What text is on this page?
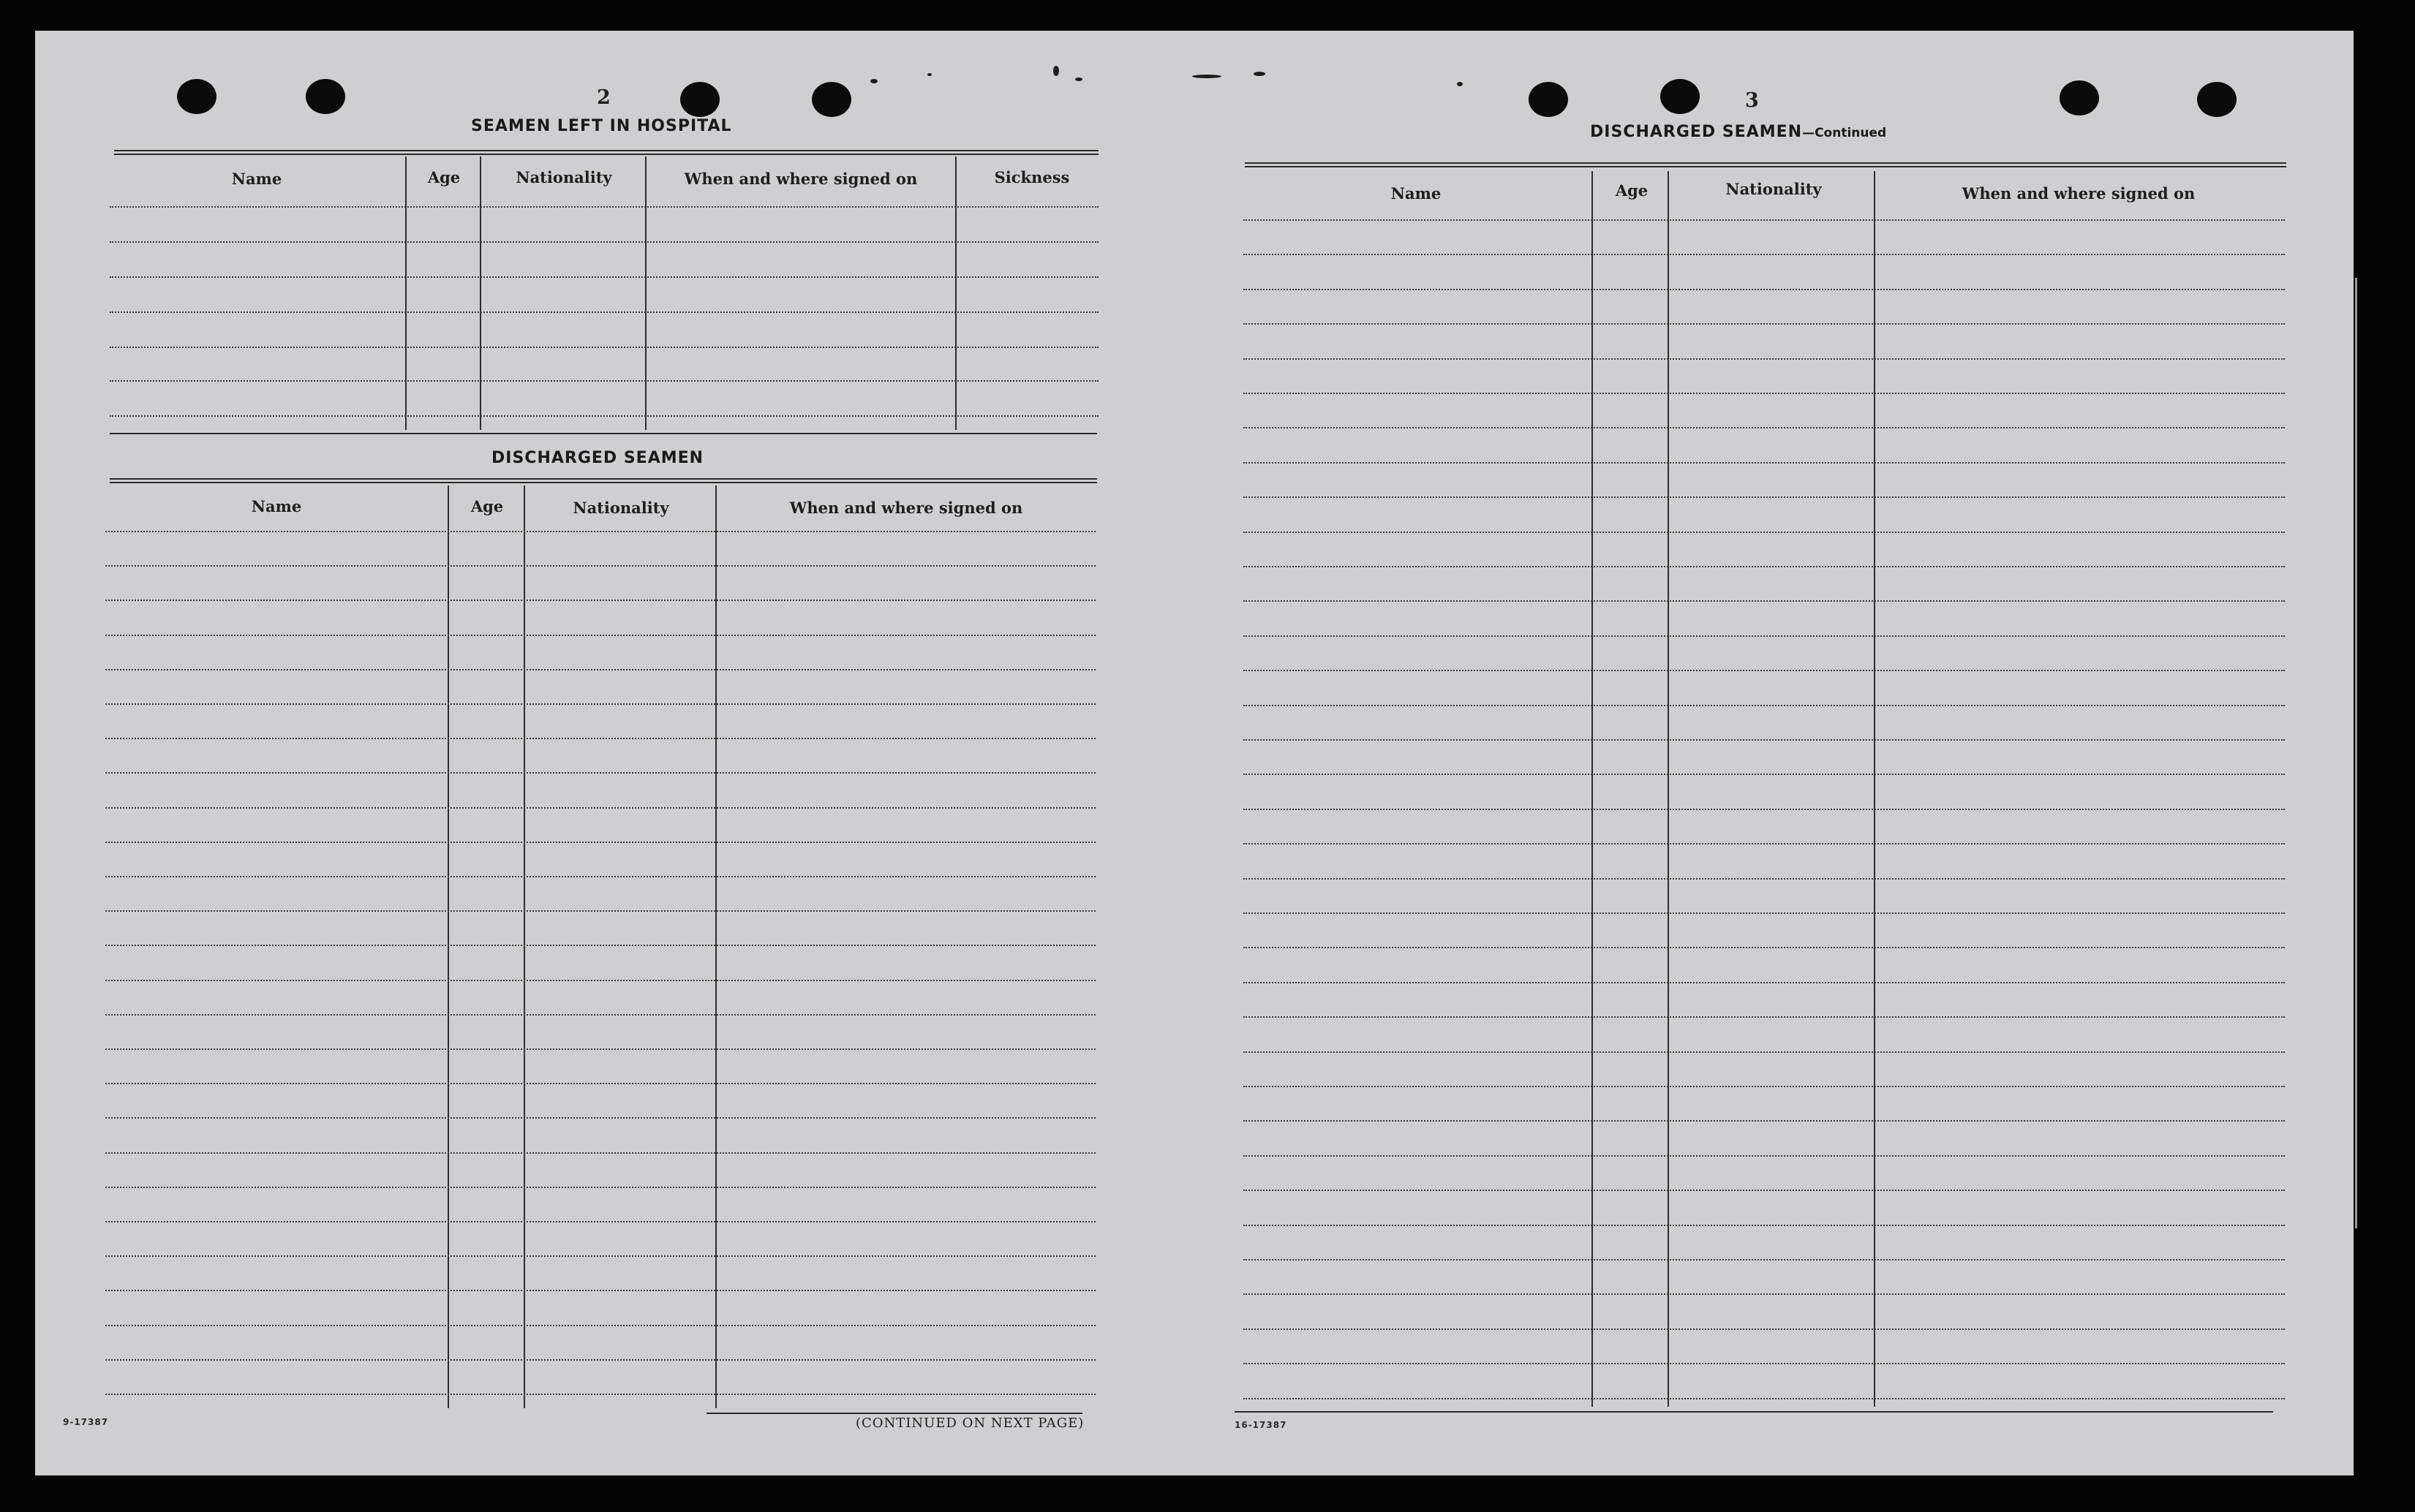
2
SEAMEN LEFT IN HOSPITAL
Name	Age	Nationality	When and where signed on	Sickness
DISCHARGED SEAMEN
Name	Age	Nationality	When and where signed on
9-17387	(CONTINUED ON NEXT PAGE)
3
DISCHARGED SEAMEN—Continued
Name	Age	Nationality	When and where signed on
16-17387
